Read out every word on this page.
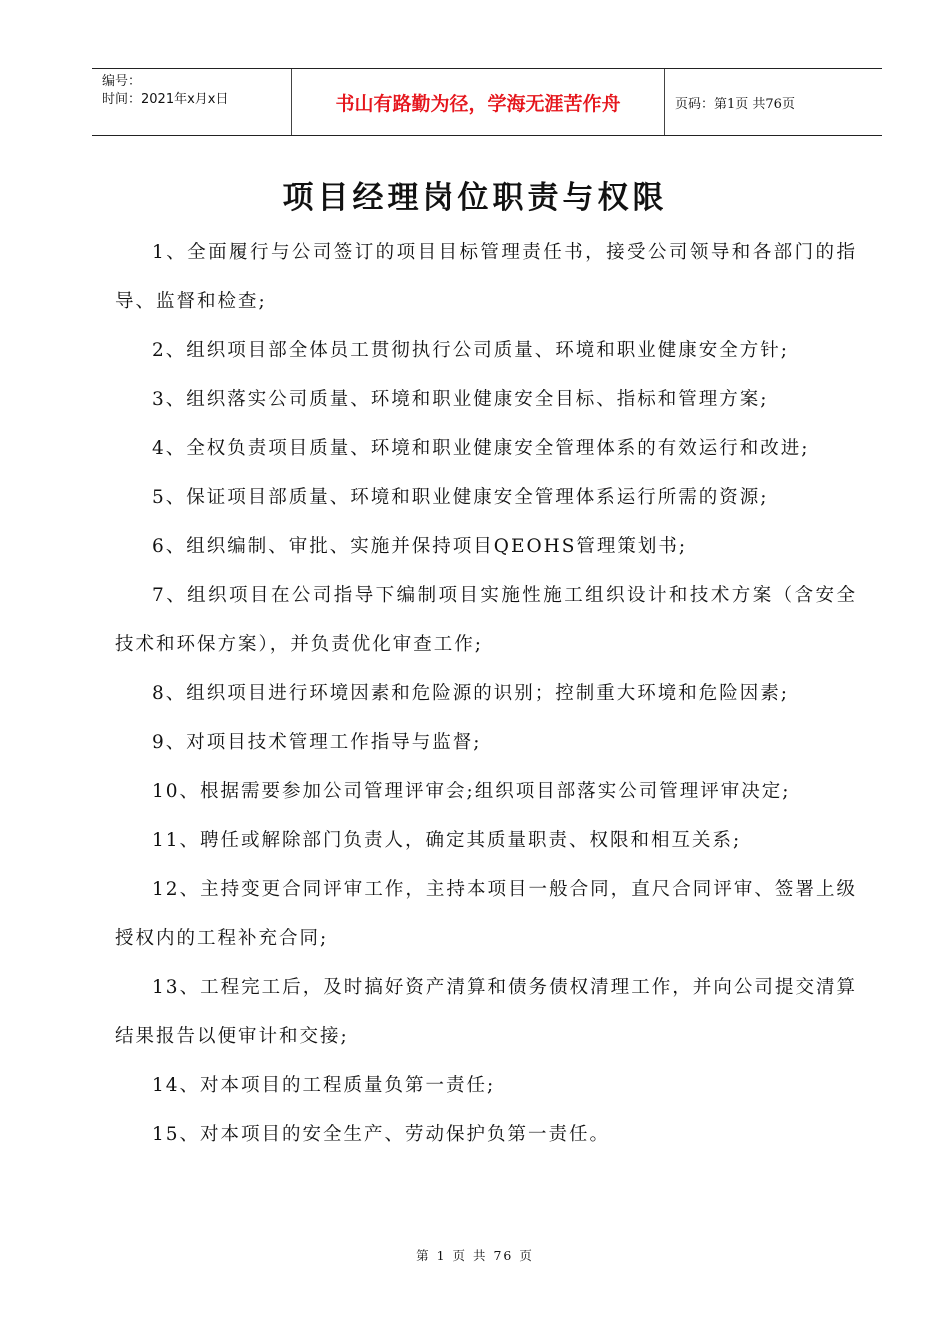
编号：
时间：2021年x月x日	书山有路勤为径，学海无涯苦作舟	页码：第1页 共76页
项目经理岗位职责与权限

1、全面履行与公司签订的项目目标管理责任书，接受公司领导和各部门的指导、监督和检查;

2、组织项目部全体员工贯彻执行公司质量、环境和职业健康安全方针;

3、组织落实公司质量、环境和职业健康安全目标、指标和管理方案;

4、全权负责项目质量、环境和职业健康安全管理体系的有效运行和改进;

5、保证项目部质量、环境和职业健康安全管理体系运行所需的资源;

6、组织编制、审批、实施并保持项目QEOHS管理策划书;

7、组织项目在公司指导下编制项目实施性施工组织设计和技术方案（含安全技术和环保方案），并负责优化审查工作;

8、组织项目进行环境因素和危险源的识别；控制重大环境和危险因素;

9、对项目技术管理工作指导与监督;

10、根据需要参加公司管理评审会;组织项目部落实公司管理评审决定;

11、聘任或解除部门负责人，确定其质量职责、权限和相互关系;

12、主持变更合同评审工作，主持本项目一般合同，直尺合同评审、签署上级授权内的工程补充合同;

13、工程完工后，及时搞好资产清算和债务债权清理工作，并向公司提交清算结果报告以便审计和交接;

14、对本项目的工程质量负第一责任;

15、对本项目的安全生产、劳动保护负第一责任。

第 1 页 共 76 页
